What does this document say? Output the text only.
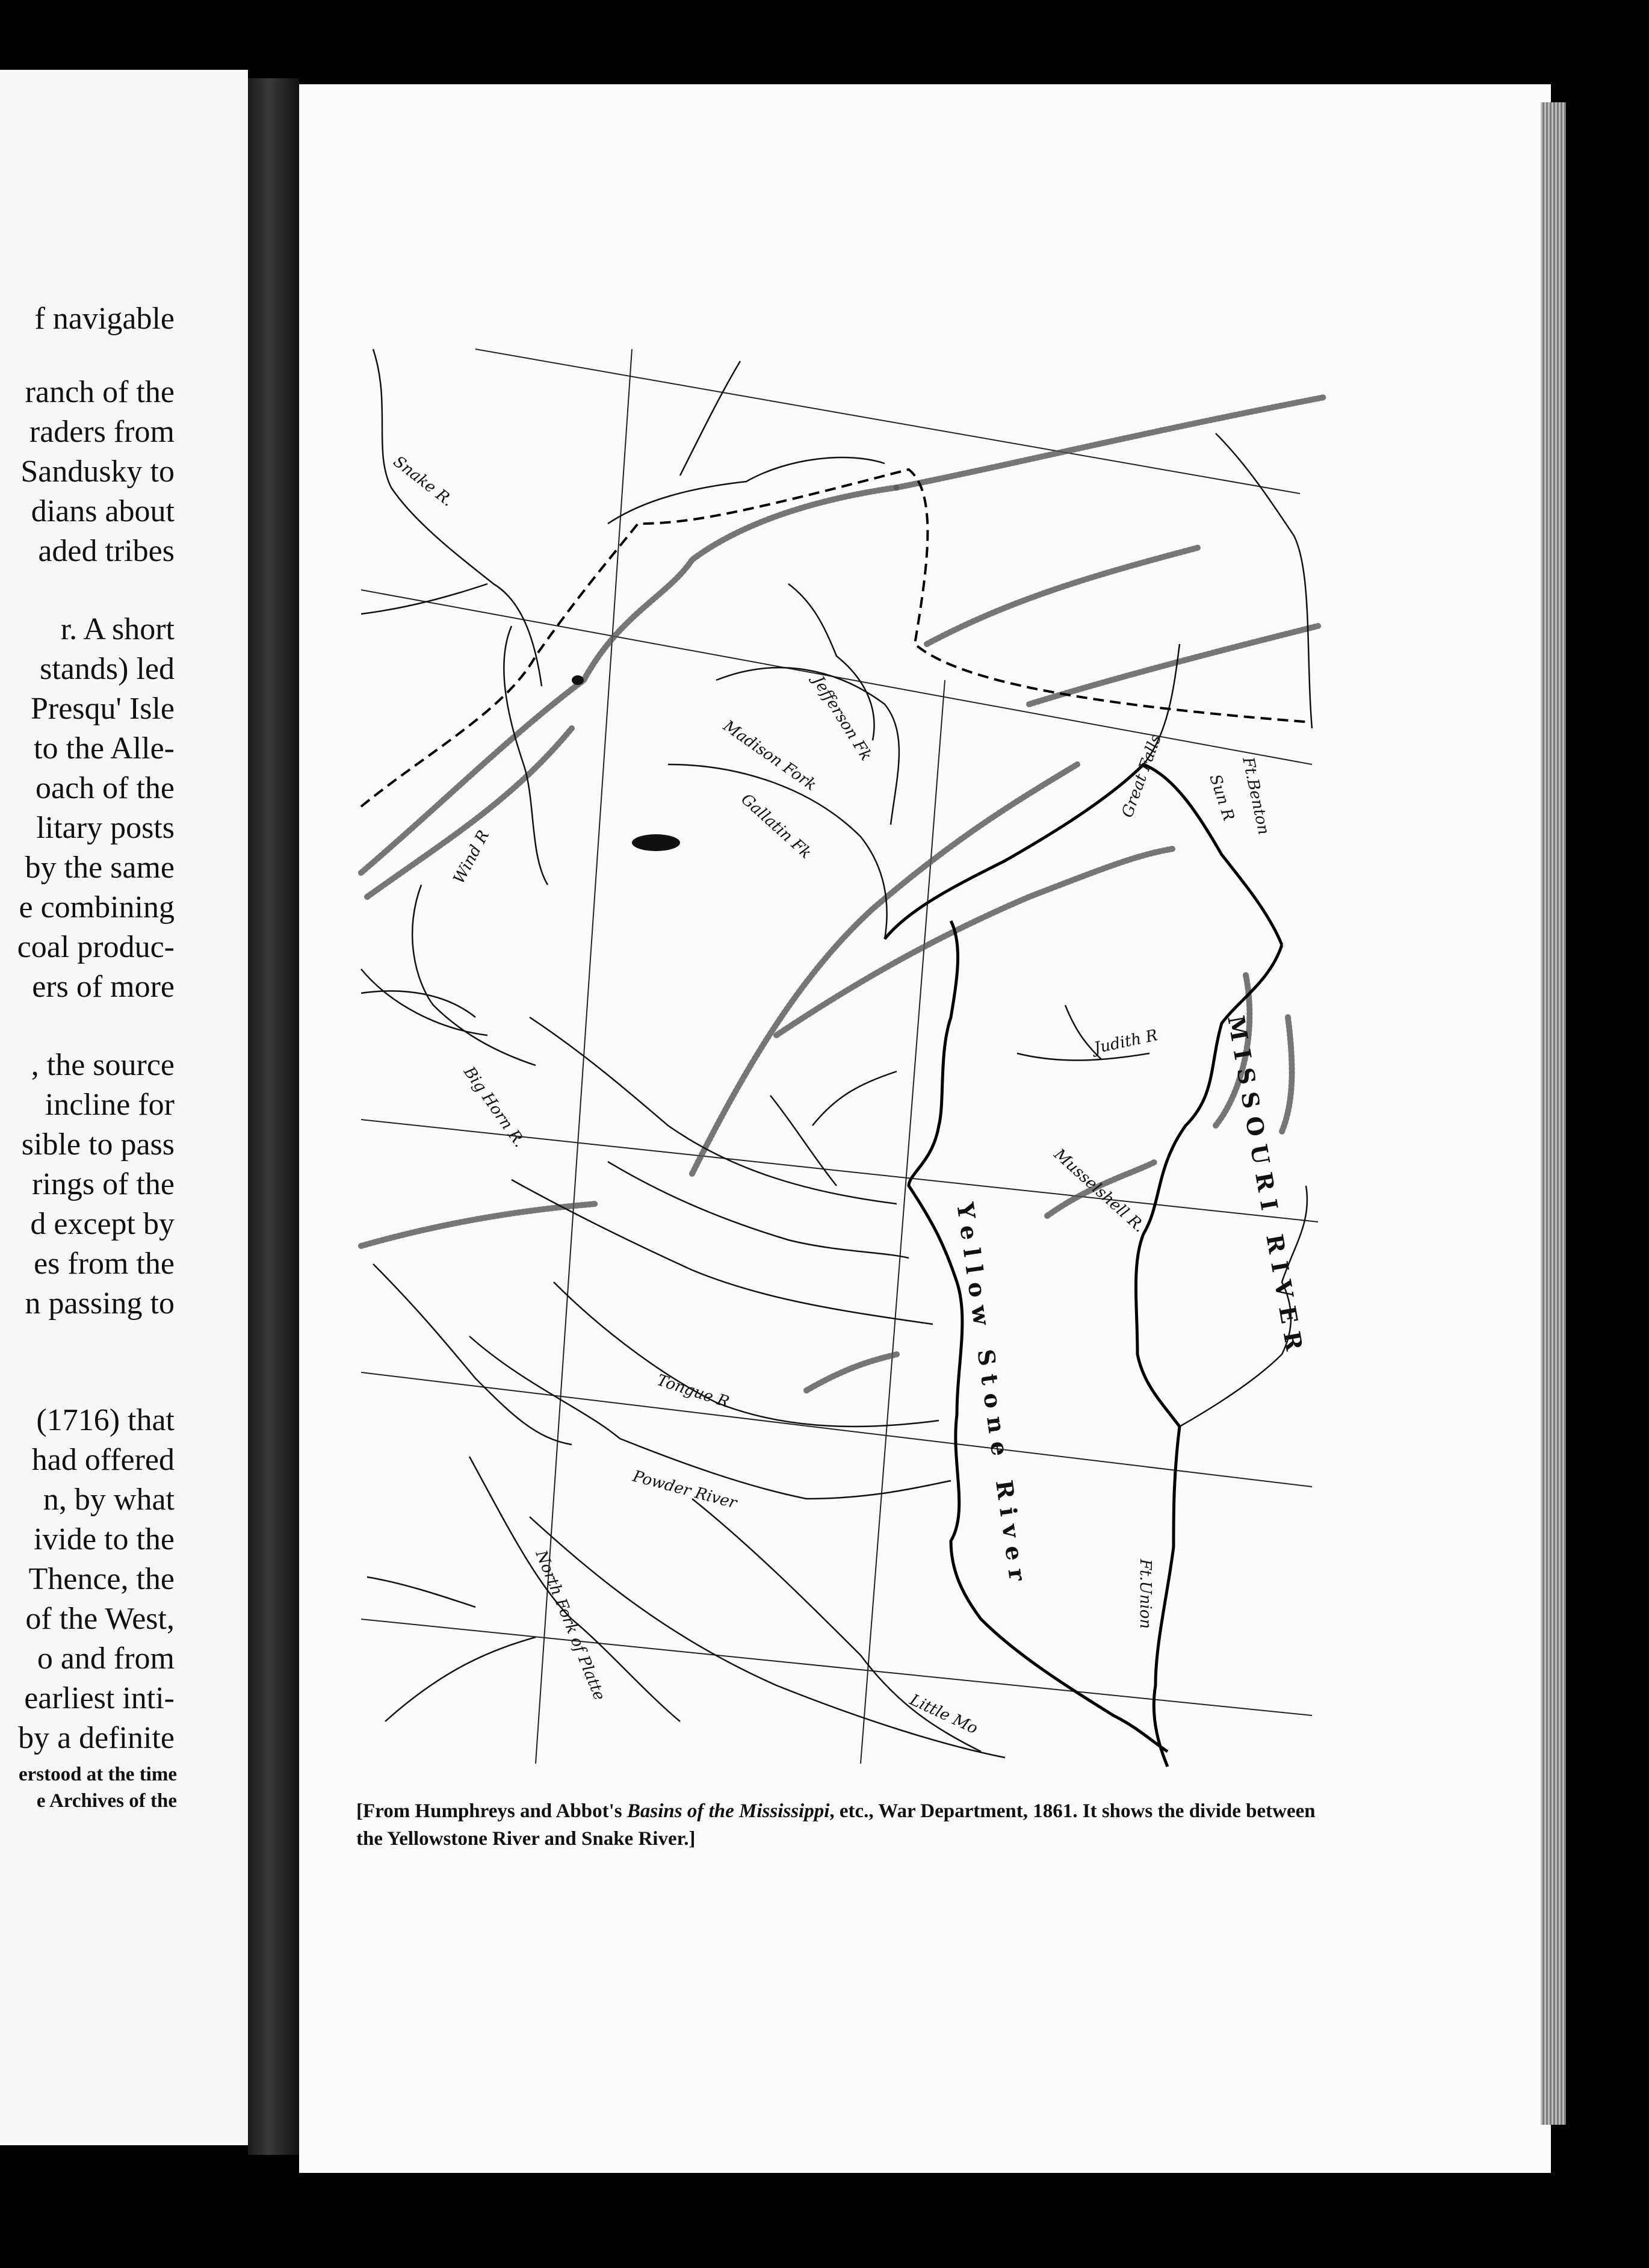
f navigable
ranch of the
raders from
Sandusky to
dians about
aded tribes
r. A short
stands) led
Presqu' Isle
to the Alle-
oach of the
litary posts
by the same
e combining
coal produc-
ers of more
, the source
incline for
sible to pass
rings of the
d except by
es from the
n passing to
(1716) that
had offered
n, by what
ivide to the
Thence, the
of the West,
o and from
earliest inti-
by a definite
erstood at the time
e Archives of the
Snake R.
Wind R
Jefferson Fk
Madison Fork
Gallatin Fk	Sun R
Great Falls	Ft.Benton
Judith R
Musselshell R.
Big Horn R.
Tongue R
Powder River
Ft.Union
North Fork of Platte
Little Mo
Yellow Stone River
MISSOURI RIVER
[From Humphreys and Abbot's Basins of the Mississippi, etc., War Department, 1861. It shows the divide between the Yellowstone River and Snake River.]
